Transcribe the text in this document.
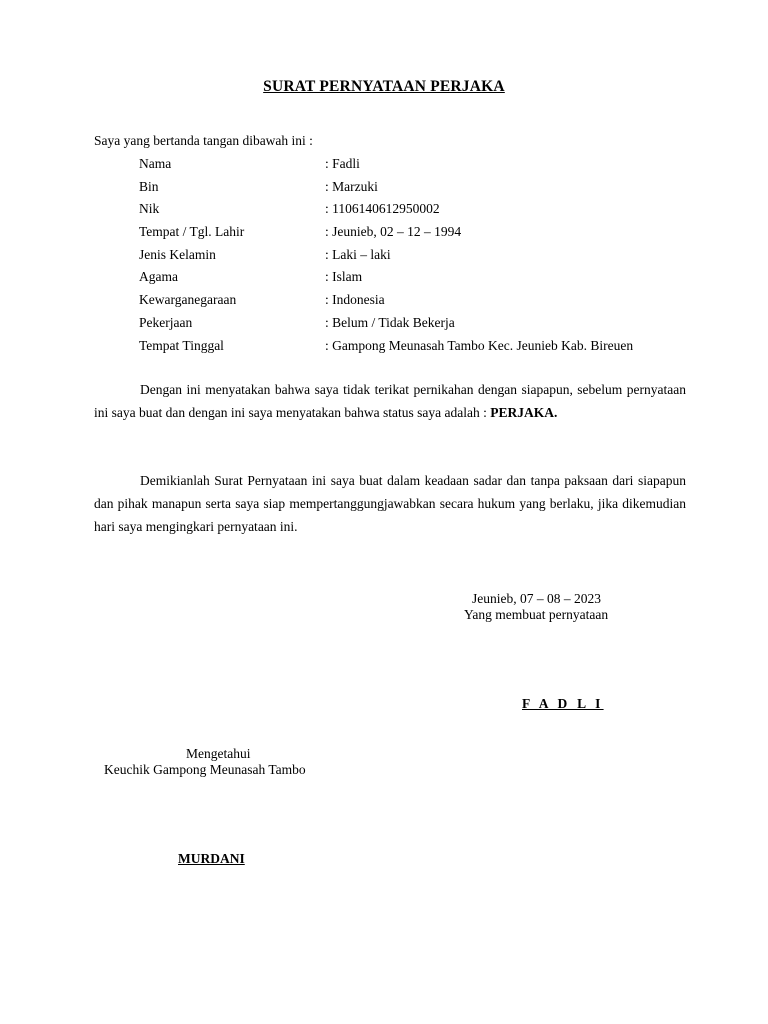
SURAT PERNYATAAN PERJAKA
Saya yang bertanda tangan dibawah ini :
Nama	: Fadli
Bin	: Marzuki
Nik	: 1106140612950002
Tempat / Tgl. Lahir	: Jeunieb, 02 – 12 – 1994
Jenis Kelamin	: Laki – laki
Agama	: Islam
Kewarganegaraan	: Indonesia
Pekerjaan	: Belum / Tidak Bekerja
Tempat Tinggal	: Gampong Meunasah Tambo Kec. Jeunieb Kab. Bireuen

Dengan ini menyatakan bahwa saya tidak terikat pernikahan dengan siapapun, sebelum pernyataan ini saya buat dan dengan ini saya menyatakan bahwa status saya adalah : PERJAKA.

Demikianlah Surat Pernyataan ini saya buat dalam keadaan sadar dan tanpa paksaan dari siapapun dan pihak manapun serta saya siap mempertanggungjawabkan secara hukum yang berlaku, jika dikemudian hari saya mengingkari pernyataan ini.

Jeunieb, 07 – 08 – 2023
Yang membuat pernyataan
F A D L I
Mengetahui
Keuchik Gampong Meunasah Tambo
MURDANI
